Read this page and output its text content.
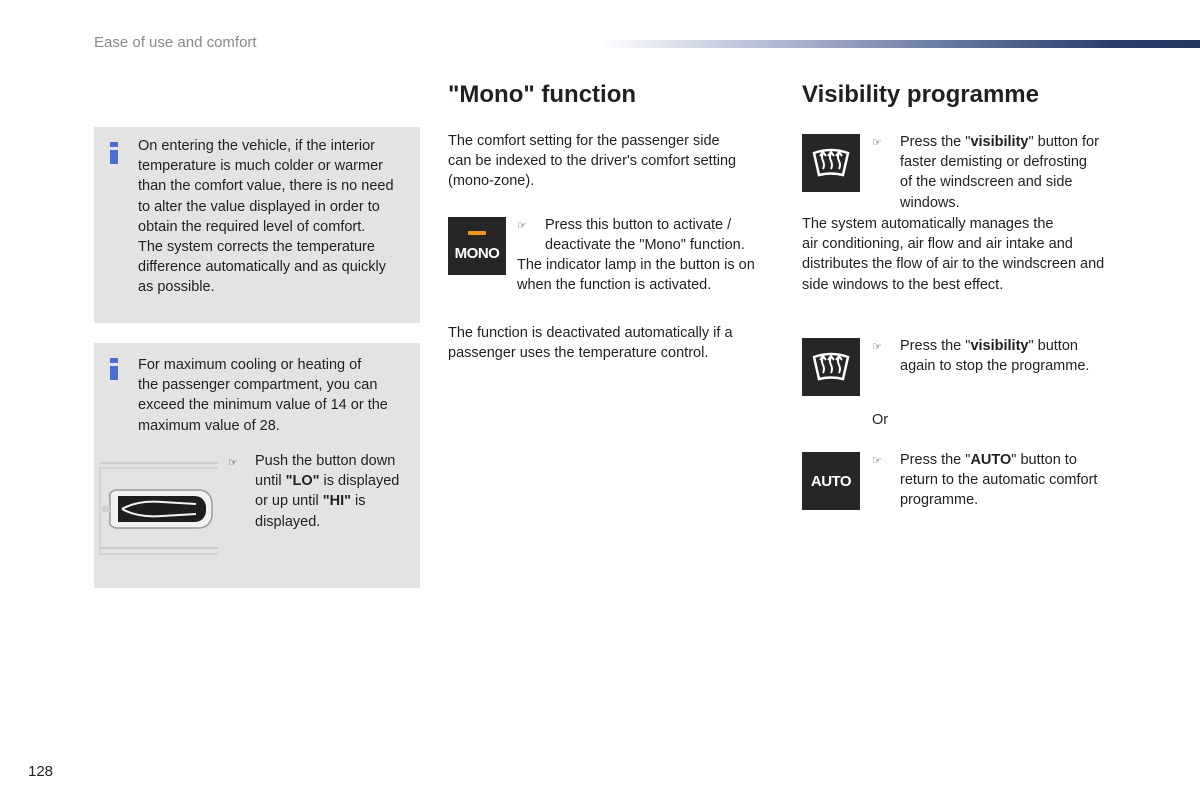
Ease of use and comfort
On entering the vehicle, if the interior
temperature is much colder or warmer
than the comfort value, there is no need
to alter the value displayed in order to
obtain the required level of comfort.
The system corrects the temperature
difference automatically and as quickly
as possible.
For maximum cooling or heating of
the passenger compartment, you can
exceed the minimum value of 14 or the
maximum value of 28.
☞ Push the button down
until "LO" is displayed
or up until "HI" is
displayed.
"Mono" function
The comfort setting for the passenger side
can be indexed to the driver's comfort setting
(mono-zone).
MONO
☞ Press this button to activate /
deactivate the "Mono" function.
The indicator lamp in the button is on
when the function is activated.
The function is deactivated automatically if a
passenger uses the temperature control.
Visibility programme
☞ Press the "visibility" button for
faster demisting or defrosting
of the windscreen and side
windows.
The system automatically manages the
air conditioning, air flow and air intake and
distributes the flow of air to the windscreen and
side windows to the best effect.
☞ Press the "visibility" button
again to stop the programme.
Or
AUTO
☞ Press the "AUTO" button to
return to the automatic comfort
programme.
128
